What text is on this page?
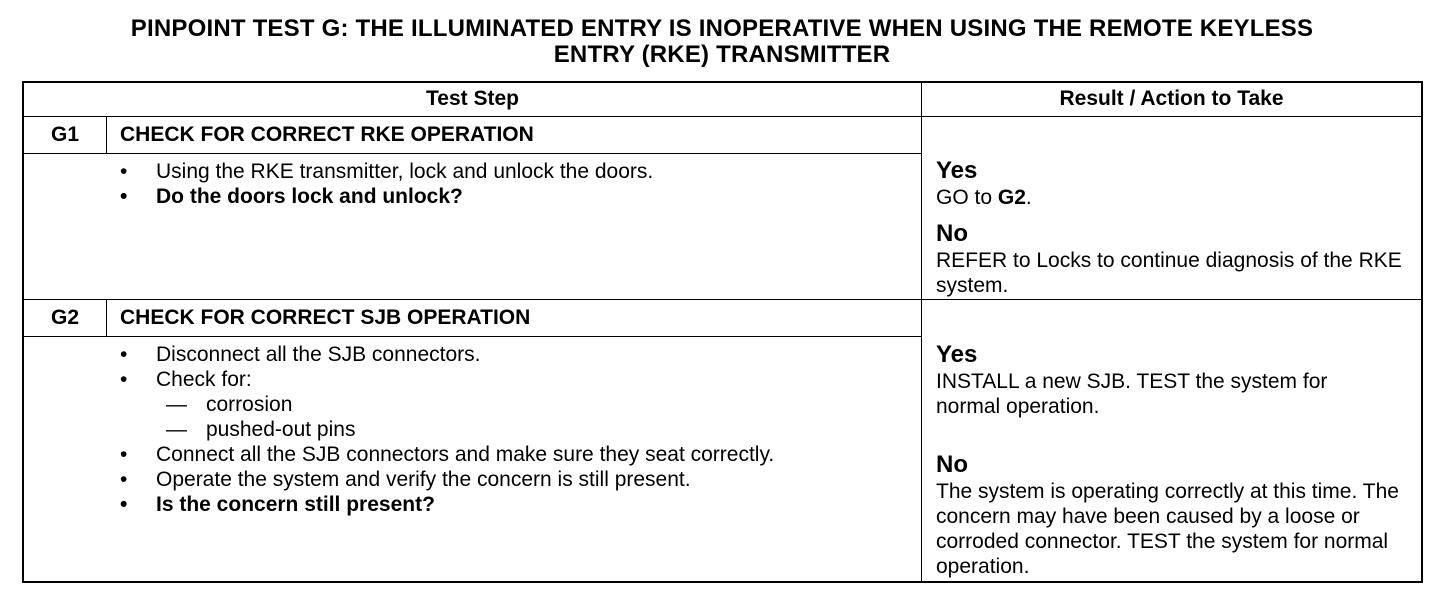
PINPOINT TEST G: THE ILLUMINATED ENTRY IS INOPERATIVE WHEN USING THE REMOTE KEYLESS
ENTRY (RKE) TRANSMITTER
Test Step	Result / Action to Take
G1	CHECK FOR CORRECT RKE OPERATION
•	Using the RKE transmitter, lock and unlock the doors.
•	Do the doors lock and unlock?
Yes
GO to G2.
No
REFER to Locks to continue diagnosis of the RKE system.
G2	CHECK FOR CORRECT SJB OPERATION
•	Disconnect all the SJB connectors.
•	Check for:
— corrosion
— pushed-out pins
•	Connect all the SJB connectors and make sure they seat correctly.
•	Operate the system and verify the concern is still present.
•	Is the concern still present?
Yes
INSTALL a new SJB. TEST the system for normal operation.
No
The system is operating correctly at this time. The concern may have been caused by a loose or corroded connector. TEST the system for normal operation.
